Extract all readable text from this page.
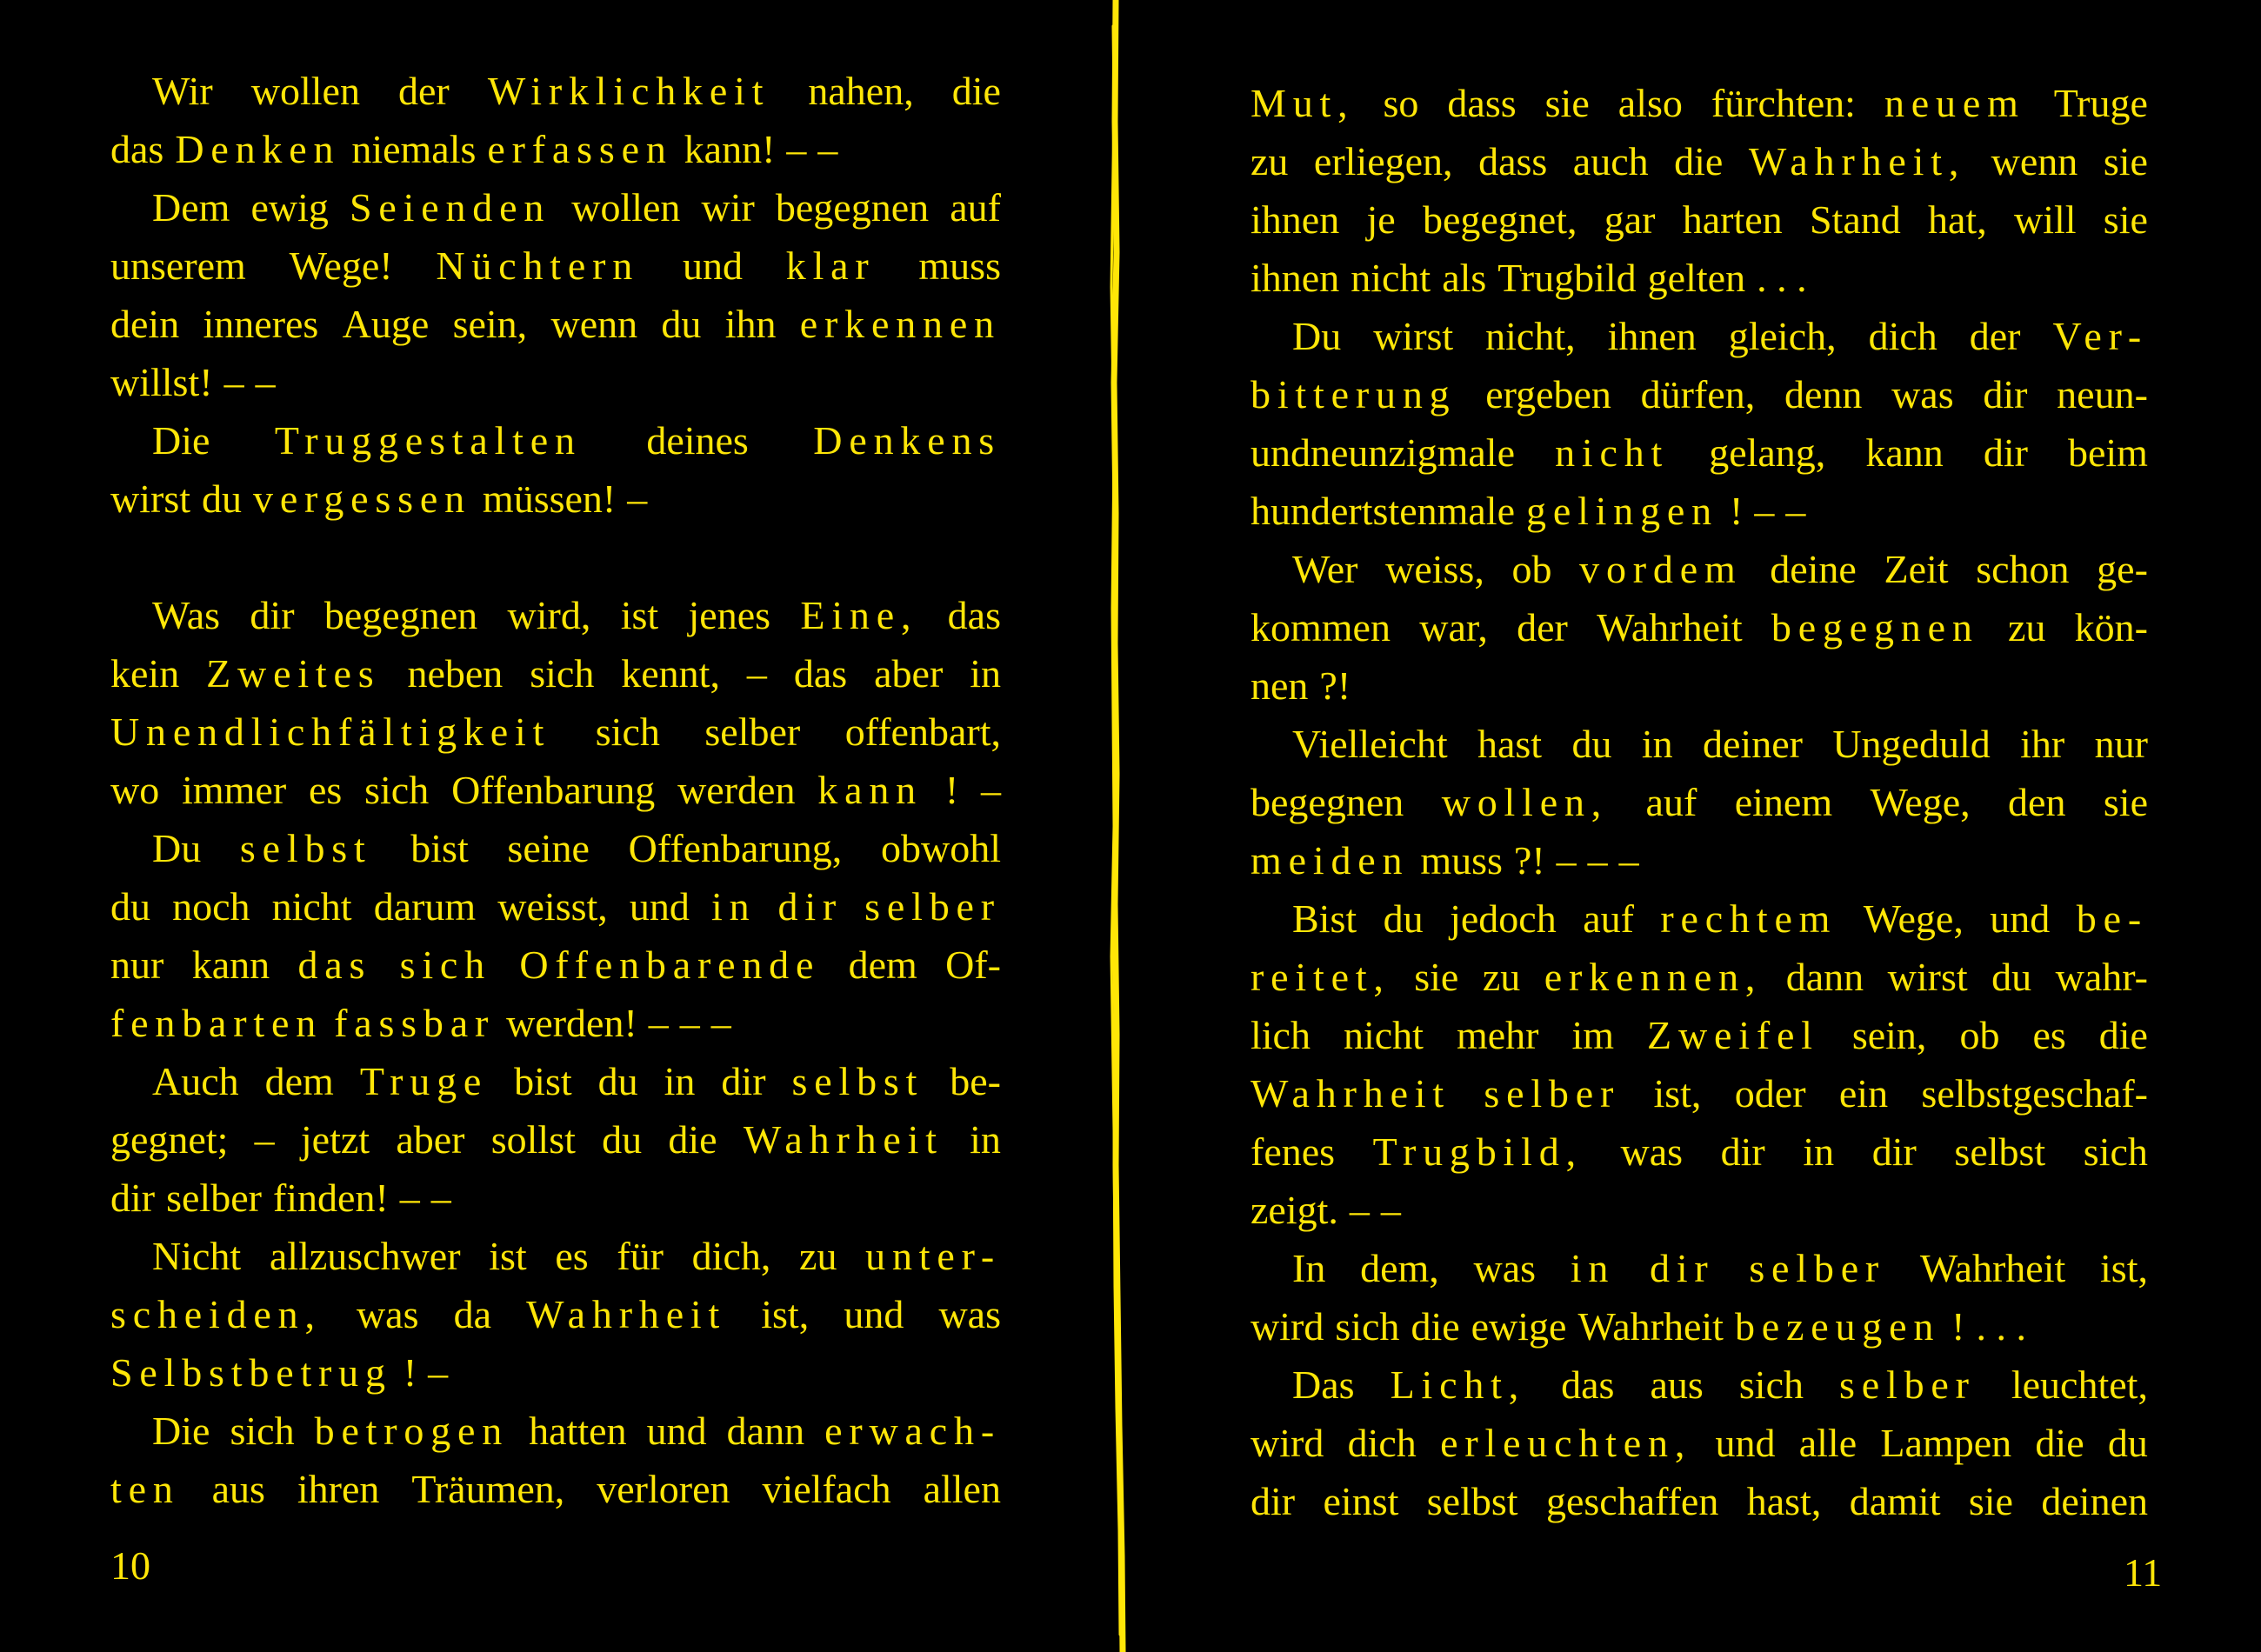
Wir wollen der Wirklichkeit nahen, die
das Denken niemals erfassen kann! – –
Dem ewig Seienden wollen wir begegnen auf
unserem Wege! Nüchtern und klar muss
dein inneres Auge sein, wenn du ihn erkennen
willst! – –
Die Truggestalten deines Denkens
wirst du vergessen müssen! –
Was dir begegnen wird, ist jenes Eine, das
kein Zweites neben sich kennt, – das aber in
Unendlichfältigkeit sich selber offenbart,
wo immer es sich Offenbarung werden kann ! –
Du selbst bist seine Offenbarung, obwohl
du noch nicht darum weisst, und in dir selber
nur kann das sich Offenbarende dem Of-
fenbarten fassbar werden! – – –
Auch dem Truge bist du in dir selbst be-
gegnet; – jetzt aber sollst du die Wahrheit in
dir selber finden! – –
Nicht allzuschwer ist es für dich, zu unter-
scheiden, was da Wahrheit ist, und was
Selbstbetrug ! –
Die sich betrogen hatten und dann erwach-
ten aus ihren Träumen, verloren vielfach allen
Mut, so dass sie also fürchten: neuem Truge
zu erliegen, dass auch die Wahrheit, wenn sie
ihnen je begegnet, gar harten Stand hat, will sie
ihnen nicht als Trugbild gelten . . .
Du wirst nicht, ihnen gleich, dich der Ver-
bitterung ergeben dürfen, denn was dir neun-
undneunzigmale nicht gelang, kann dir beim
hundertstenmale gelingen ! – –
Wer weiss, ob vordem deine Zeit schon ge-
kommen war, der Wahrheit begegnen zu kön-
nen ?!
Vielleicht hast du in deiner Ungeduld ihr nur
begegnen wollen, auf einem Wege, den sie
meiden muss ?! – – –
Bist du jedoch auf rechtem Wege, und be-
reitet, sie zu erkennen, dann wirst du wahr-
lich nicht mehr im Zweifel sein, ob es die
Wahrheit selber ist, oder ein selbstgeschaf-
fenes Trugbild, was dir in dir selbst sich
zeigt. – –
In dem, was in dir selber Wahrheit ist,
wird sich die ewige Wahrheit bezeugen ! . . .
Das Licht, das aus sich selber leuchtet,
wird dich erleuchten, und alle Lampen die du
dir einst selbst geschaffen hast, damit sie deinen
10	11
